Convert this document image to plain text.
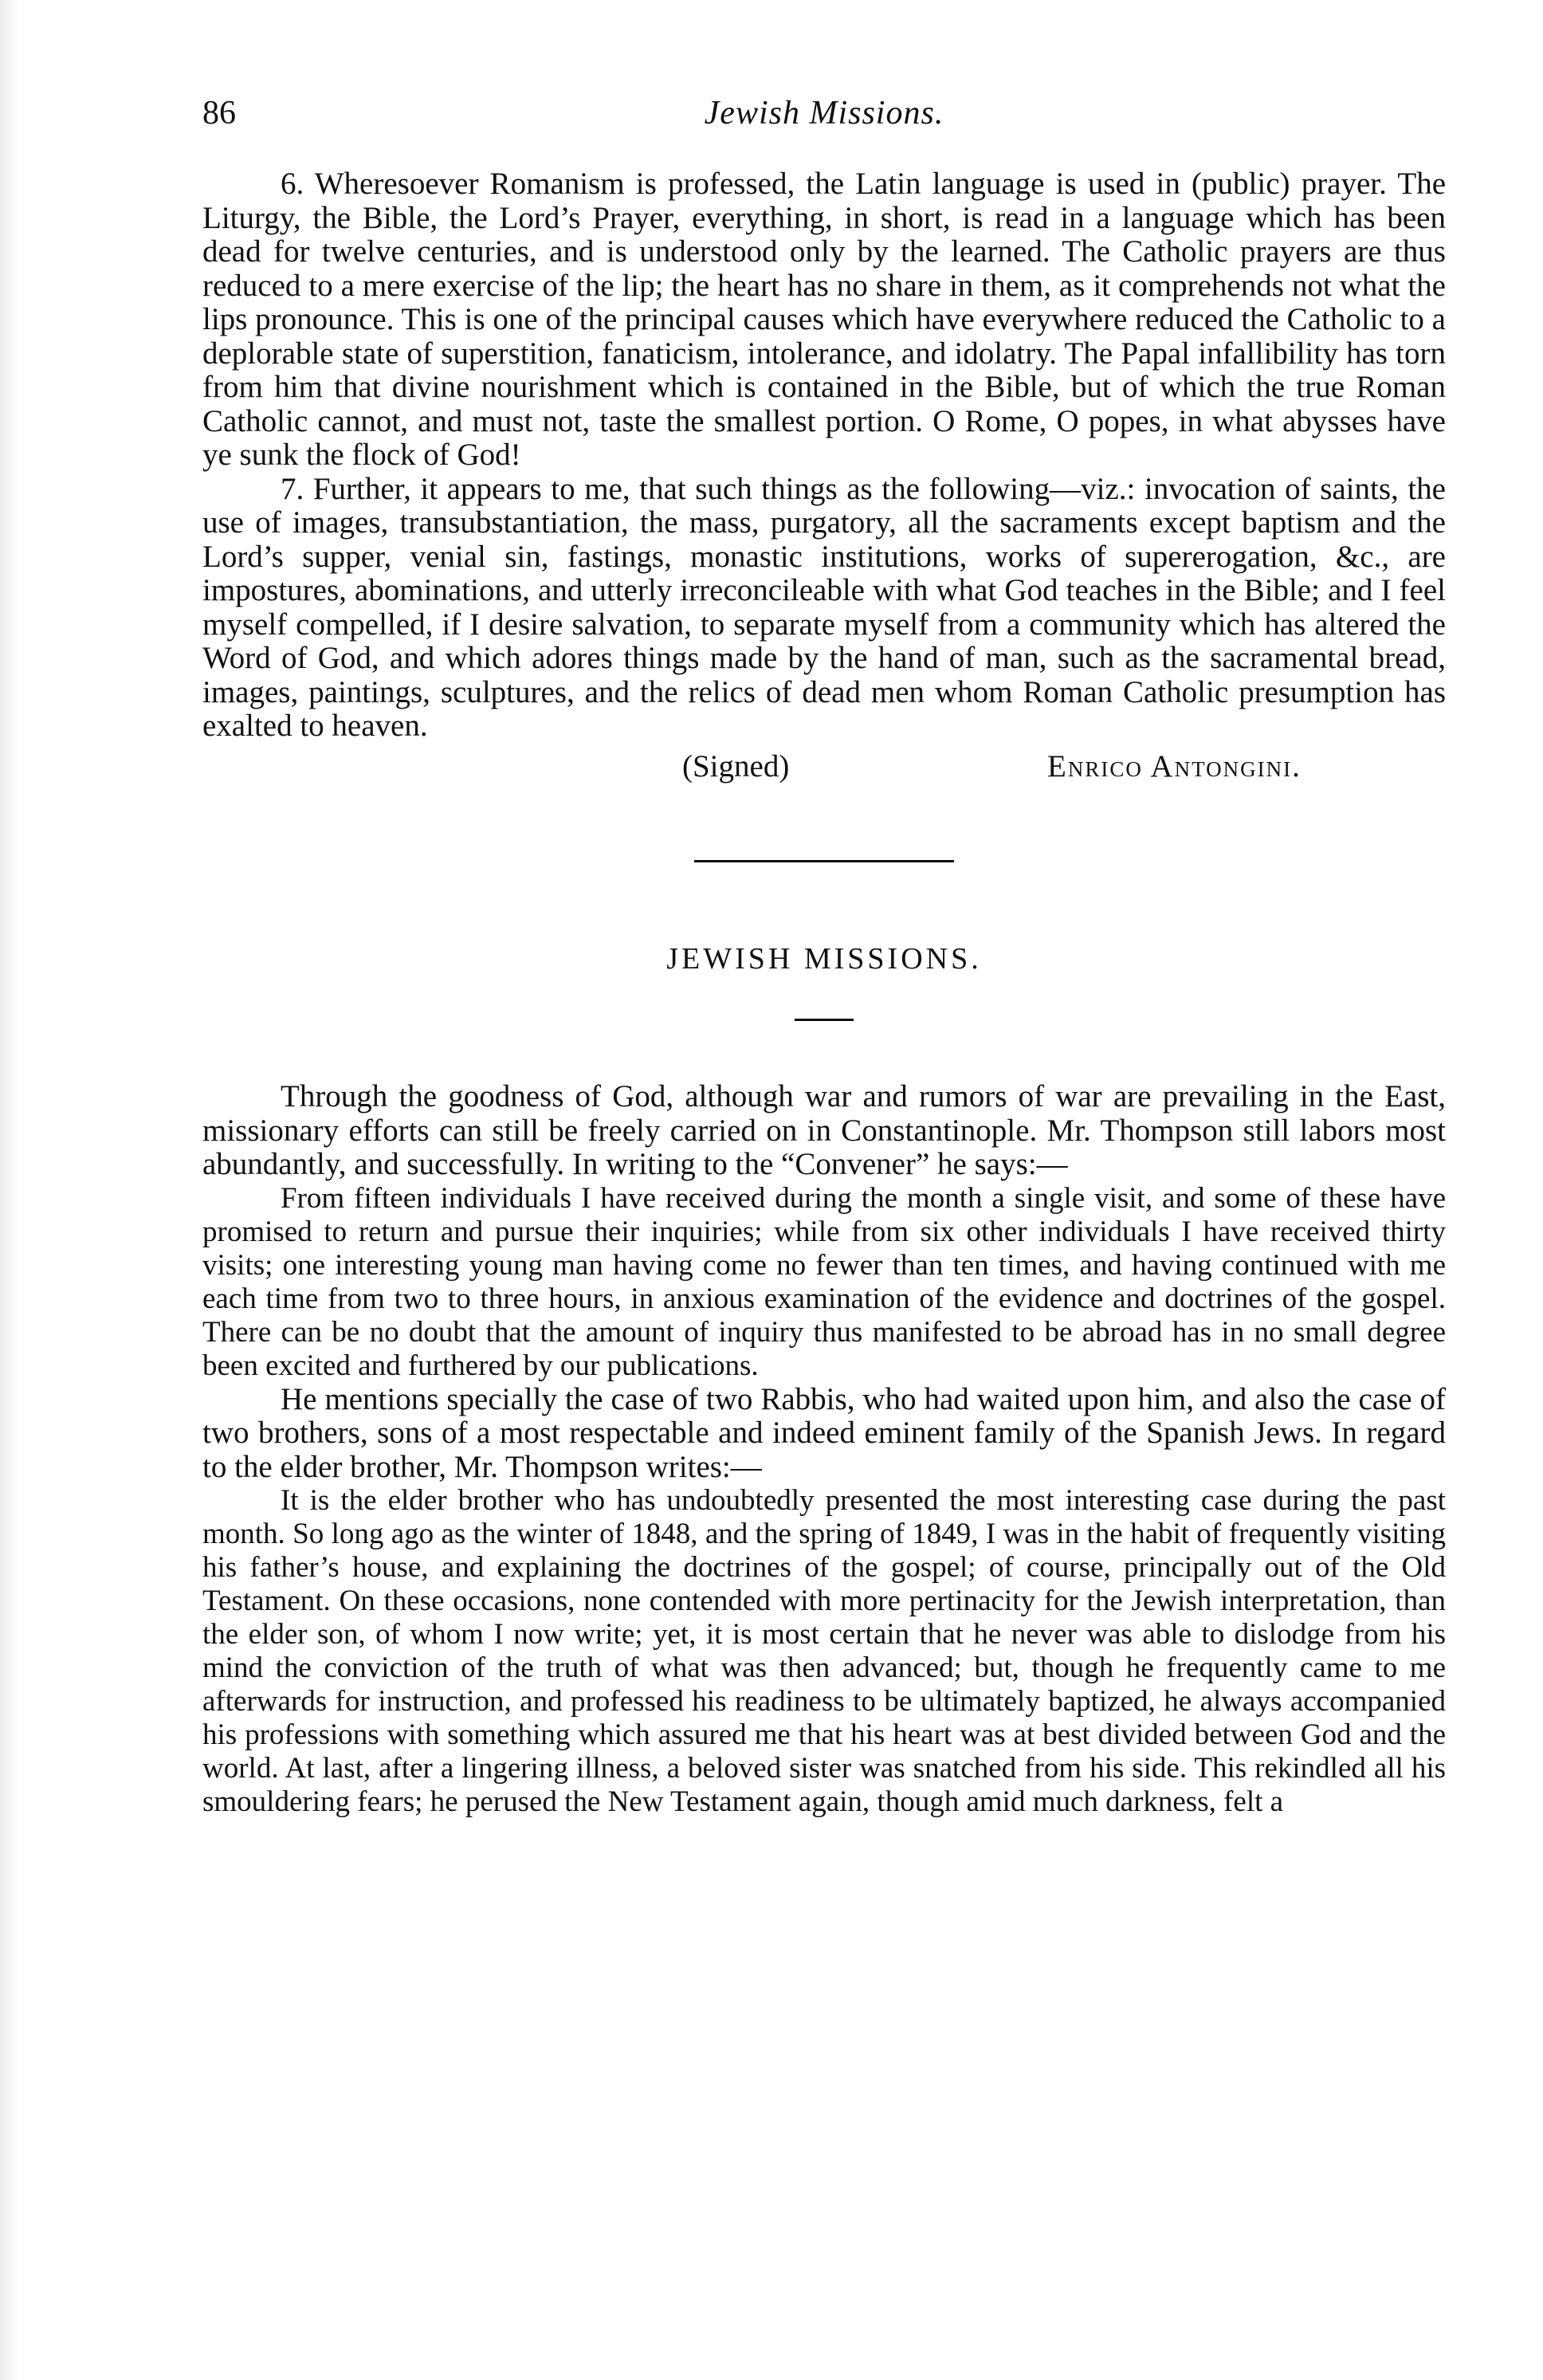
86	Jewish Missions.

6. Wheresoever Romanism is professed, the Latin language is used in (public) prayer. The Liturgy, the Bible, the Lord’s Prayer, everything, in short, is read in a language which has been dead for twelve centuries, and is understood only by the learned. The Catholic prayers are thus reduced to a mere exercise of the lip; the heart has no share in them, as it comprehends not what the lips pronounce. This is one of the principal causes which have everywhere reduced the Catholic to a deplorable state of superstition, fanaticism, intolerance, and idolatry. The Papal infallibility has torn from him that divine nourishment which is contained in the Bible, but of which the true Roman Catholic cannot, and must not, taste the smallest portion. O Rome, O popes, in what abysses have ye sunk the flock of God!

7. Further, it appears to me, that such things as the following—viz.: invocation of saints, the use of images, transubstantiation, the mass, purgatory, all the sacraments except baptism and the Lord’s supper, venial sin, fastings, monastic institutions, works of supererogation, &c., are impostures, abominations, and utterly irreconcileable with what God teaches in the Bible; and I feel myself compelled, if I desire salvation, to separate myself from a community which has altered the Word of God, and which adores things made by the hand of man, such as the sacramental bread, images, paintings, sculptures, and the relics of dead men whom Roman Catholic presumption has exalted to heaven.

(Signed)	Enrico Antongini.
JEWISH MISSIONS.

Through the goodness of God, although war and rumors of war are prevailing in the East, missionary efforts can still be freely carried on in Constantinople. Mr. Thompson still labors most abundantly, and successfully. In writing to the “Convener” he says:—

From fifteen individuals I have received during the month a single visit, and some of these have promised to return and pursue their inquiries; while from six other individuals I have received thirty visits; one interesting young man having come no fewer than ten times, and having continued with me each time from two to three hours, in anxious examination of the evidence and doctrines of the gospel. There can be no doubt that the amount of inquiry thus manifested to be abroad has in no small degree been excited and furthered by our publications.

He mentions specially the case of two Rabbis, who had waited upon him, and also the case of two brothers, sons of a most respectable and indeed eminent family of the Spanish Jews. In regard to the elder brother, Mr. Thompson writes:—

It is the elder brother who has undoubtedly presented the most interesting case during the past month. So long ago as the winter of 1848, and the spring of 1849, I was in the habit of frequently visiting his father’s house, and explaining the doctrines of the gospel; of course, principally out of the Old Testament. On these occasions, none contended with more pertinacity for the Jewish interpretation, than the elder son, of whom I now write; yet, it is most certain that he never was able to dislodge from his mind the conviction of the truth of what was then advanced; but, though he frequently came to me afterwards for instruction, and professed his readiness to be ultimately baptized, he always accompanied his professions with something which assured me that his heart was at best divided between God and the world. At last, after a lingering illness, a beloved sister was snatched from his side. This rekindled all his smouldering fears; he perused the New Testament again, though amid much darkness, felt a
